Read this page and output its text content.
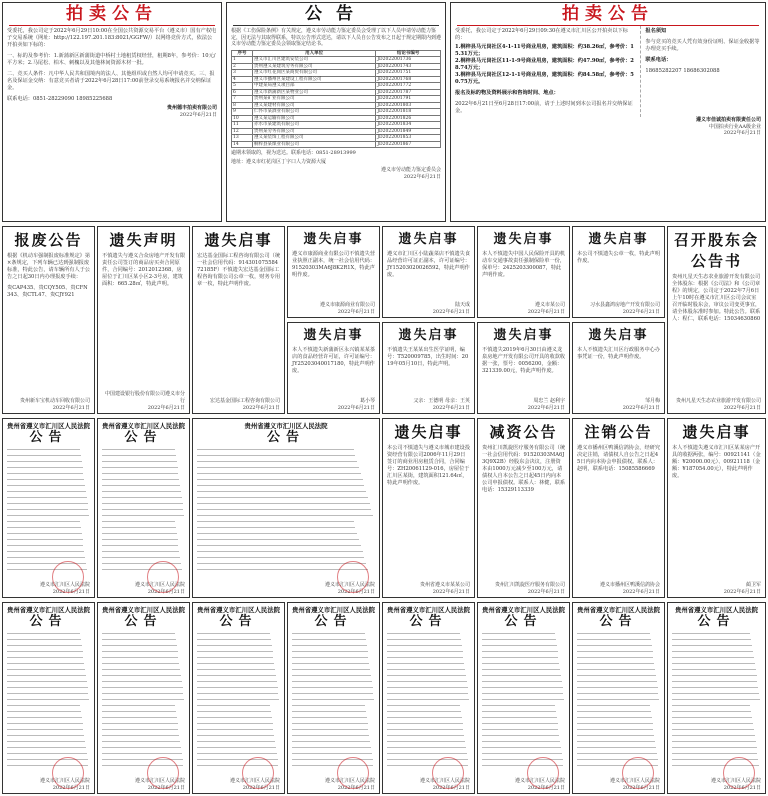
拍卖公告
受委托，我公司定于2022年6月29日10:00在全国公共资源交易平台（遵义市）国有产权电子交易系统（网址：http://122.197.201.183:8021/GGFW/）以网络竞价方式，依法公开拍卖如下标的：
一、标的及参考价：1.新蒲新区新蒲街道中桥村土地租赁权经营，租期8年，参考价：10元/平方米；2.马尾松、柏木、刺槐以及其他林间资源木材一批。
二、竞买人条件：凡中华人民共和国境内的法人、其他组织或自然人均可申请竞买。三、报名及保证金交纳：有意竞买者请于2022年6月28日17:00前登录交易系统报名并交纳保证金。
联系电话：0851-28229090 18985225688
贵州德丰拍卖有限公司
2022年6月21日
公告
根据《工伤保险条例》有关规定，遵义市劳动能力鉴定委员会受理了以下人员申请劳动能力鉴定，因无法与其取得联系，特以公告形式送达，请以下人员自公告发布之日起于规定期限内到遵义市劳动能力鉴定委员会领取鉴定结论书。
序号	用人单位	结论书编号
1	遵义市汇川区建筑安装公司	JD2022001736
2	贵州遵义某建筑劳务有限公司	JD2022001743
3	遵义市红花岗区某商贸有限公司	JD2022001751
4	遵义市播州区某建设工程有限公司	JD2022001768
5	中建某局遵义项目部	JD2022001772
6	遵义市新蒲新区某物业公司	JD2022001787
7	贵州某矿业有限公司	JD2022001791
8	遵义某建材有限公司	JD2022001803
9	仁怀市某酒业有限公司	JD2022001818
10	遵义某运输有限公司	JD2022001826
11	赤水市某建筑有限公司	JD2022001834
12	贵州某劳务有限公司	JD2022001849
13	遵义某装饰工程有限公司	JD2022001853
14	桐梓县某煤业有限公司	JD2022001867
逾期未领取的，视为送达。联系电话：0851-28913999
地址：遵义市红花岗区丁字口人力资源大厦
遵义市劳动能力鉴定委员会
2022年6月21日
拍卖公告
受委托，我公司定于2022年6月29日09:30在遵义市汇川区公开拍卖以下标的：
1.桐梓县马元岗社区4-1-11号商业用房，建筑面积：约38.26㎡，参考价：15.31万元；
2.桐梓县马元岗社区11-1-9号商业用房，建筑面积：约47.90㎡，参考价：28.74万元；
3.桐梓县马元岗社区12-1-1号商业用房，建筑面积：约84.58㎡，参考价：50.75万元。
报名及标的物及资料展示和咨询时间、地点：
2022年6月21日至6月28日17:00前，请于上述时间到本公司报名并交纳保证金。
报名须知
参与竞买的竞买人凭有效身份证明、保证金收据等办理竞买手续。
联系电话：
18685282207 18686302088
遵义市佳诚拍卖有限责任公司
中国拍卖行业AA级企业
2022年6月21日
报废公告
根据《机动车强制报废标准规定》第×条规定，下列车辆已达到强制报废标准，特此公告，请车辆所有人于公告之日起30日内办理报废手续：
贵CAP435、贵CQY505、贵CFN343、贵CTL47、贵CJY921
贵州新车宝机动车回收有限公司
2022年6月21日
遗失声明
不慎遗失与遵义合众房地产开发有限责任公司签订的商品房买卖合同原件，合同编号：2012012368，房屋位于汇川区某小区2-3号房，建筑面积：665.28㎡，特此声明。
中国建设银行股份有限公司遵义市分行
2022年6月21日
遗失启事
宏达基金国际工程咨询有限公司（统一社会信用代码：91430107558472185F）不慎遗失宏达基金国际工程咨询有限公司公章一枚，财务专用章一枚，特此声明作废。
宏达基金国际工程咨询有限公司
2022年6月21日
遗失启事
遵义市康源商业有限公司不慎遗失营业执照正副本，统一社会信用代码：91520303MA6J8K2R1X，特此声明作废。
遵义市康源商业有限公司
2022年6月21日
遗失启事
遵义市汇川区小陆蔬菜店不慎遗失食品经营许可证正副本，许可证编号：JY15203020026592，特此声明作废。
陆天成
2022年6月21日
遗失启事
本人不慎遗失中国人民保险开具的机动车交通事故责任强制保险单一份，保单号：2425203300087，特此声明作废。
遵义市某公司
2022年6月21日
遗失启事
本公司不慎遗失公章一枚，特此声明作废。
习水县鑫鸿房地产开发有限公司
2022年6月21日
召开股东会公告书
贵州凡星天生态农业旅游开发有限公司全体股东：根据《公司法》和《公司章程》的规定，公司定于2022年7月6日上午10时在遵义市汇川区公司会议室召开临时股东会，审议公司变更事宜，请全体股东准时参加。特此公告。联系人：程仁，联系电话：15034630860
贵州凡星天生态农业旅游开发有限公司
2022年6月21日
遗失启事
本人不慎遗失新蒲新区永兴镇某某茶店的食品经营许可证，许可证编号：JY25203040017180，特此声明作废。
葛小琴
2022年6月21日
遗失启事
不慎遗失王某某出生医学证明，编号：T520009785，出生时间：2019年05月10日，特此声明。
父亲：王德明 母亲：王英
2022年6月21日
遗失启事
不慎遗失2019年6月30日由遵义龙泉房地产开发有限公司开具的收款收据一张，票号：0056200，金额：321339.00元，特此声明作废。
周忠兰 赵利宇
2022年6月21日
遗失启事
本人不慎遗失汇川区行政服务中心办事凭证一份，特此声明作废。
邹月梅
2022年6月21日
贵州省遵义市汇川区人民法院
公告
遵义市汇川区人民法院
2022年6月21日
贵州省遵义市汇川区人民法院
公告
遵义市汇川区人民法院
2022年6月21日
贵州省遵义市汇川区人民法院
公告
遵义市汇川区人民法院
2022年6月21日
遗失启事
本公司不慎遗失与遵义市城市建设投资经营有限公司2006年11月29日签订的商业用房租赁合同，合同编号：ZH20061129-016，房屋位于汇川区某街，建筑面积121.64㎡，特此声明作废。
贵州省遵义市某某公司
2022年6月21日
减资公告
贵州汇川凯旋医疗服务有限公司（统一社会信用代码：91520303MA6J3Q9X2B）经股东会决议，注册资本由1000万元减少至100万元，请债权人自本公告之日起45日内向本公司申报债权。联系人：林健，联系电话：15329113339
贵州汇川凯旋医疗服务有限公司
2022年6月21日
注销公告
遵义市播州区鸭溪信鸽协会，经研究决定注销，请债权人自公告之日起45日内向本协会申报债权。联系人：赵明，联系电话：15085586669
遵义市播州区鸭溪信鸽协会
2022年6月21日
遗失启事
本人不慎遗失遵义市汇川区某某房产开具的收据两张，编号：00921141（金额：¥20000.00元）、00921118（金额：¥187054.00元），特此声明作废。
蔺卫军
2022年6月21日
贵州省遵义市汇川区人民法院
公告
遵义市汇川区人民法院
2022年6月21日
贵州省遵义市汇川区人民法院
公告
遵义市汇川区人民法院
2022年6月21日
贵州省遵义市汇川区人民法院
公告
遵义市汇川区人民法院
2022年6月21日
贵州省遵义市汇川区人民法院
公告
遵义市汇川区人民法院
2022年6月21日
贵州省遵义市汇川区人民法院
公告
遵义市汇川区人民法院
2022年6月21日
贵州省遵义市汇川区人民法院
公告
遵义市汇川区人民法院
2022年6月21日
贵州省遵义市汇川区人民法院
公告
遵义市汇川区人民法院
2022年6月21日
贵州省遵义市汇川区人民法院
公告
遵义市汇川区人民法院
2022年6月21日
